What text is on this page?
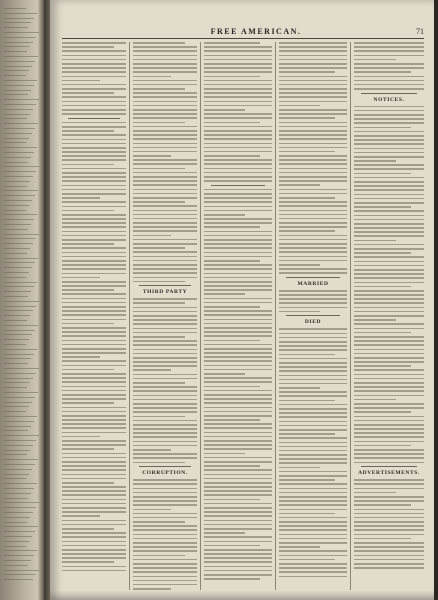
FREE AMERICAN.	71
THIRD PARTY
CORRUPTION.
MARRIED
DIED
NOTICES.
ADVERTISEMENTS.
